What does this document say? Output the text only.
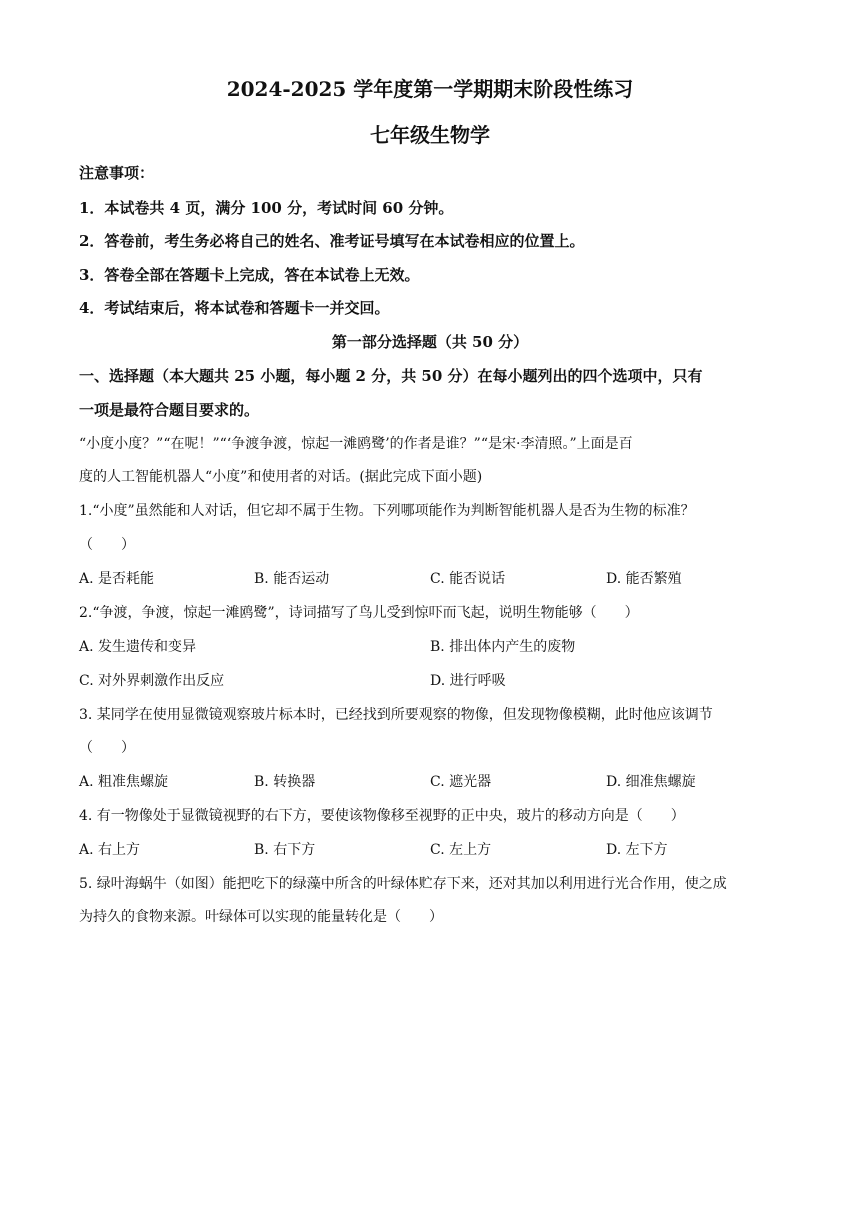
2024-2025 学年度第一学期期末阶段性练习
七年级生物学
注意事项：
1．本试卷共 4 页，满分 100 分，考试时间 60 分钟。
2．答卷前，考生务必将自己的姓名、准考证号填写在本试卷相应的位置上。
3．答卷全部在答题卡上完成，答在本试卷上无效。
4．考试结束后，将本试卷和答题卡一并交回。
第一部分选择题（共 50 分）
一、选择题（本大题共 25 小题，每小题 2 分，共 50 分）在每小题列出的四个选项中，只有
一项是最符合题目要求的。
“小度小度？”“在呢！”“‘争渡争渡，惊起一滩鸥鹭’的作者是谁？”“是宋·李清照。”上面是百
度的人工智能机器人“小度”和使用者的对话。(据此完成下面小题)
1.“小度”虽然能和人对话，但它却不属于生物。下列哪项能作为判断智能机器人是否为生物的标准？
（　　）
A. 是否耗能	B. 能否运动	C. 能否说话	D. 能否繁殖
2.“争渡，争渡，惊起一滩鸥鹭”，诗词描写了鸟儿受到惊吓而飞起，说明生物能够（　　）
A. 发生遗传和变异	B. 排出体内产生的废物
C. 对外界刺激作出反应	D. 进行呼吸
3. 某同学在使用显微镜观察玻片标本时，已经找到所要观察的物像，但发现物像模糊，此时他应该调节
（　　）
A. 粗准焦螺旋	B. 转换器	C. 遮光器	D. 细准焦螺旋
4. 有一物像处于显微镜视野的右下方，要使该物像移至视野的正中央，玻片的移动方向是（　　）
A. 右上方	B. 右下方	C. 左上方	D. 左下方
5. 绿叶海蜗牛（如图）能把吃下的绿藻中所含的叶绿体贮存下来，还对其加以利用进行光合作用，使之成
为持久的食物来源。叶绿体可以实现的能量转化是（　　）
